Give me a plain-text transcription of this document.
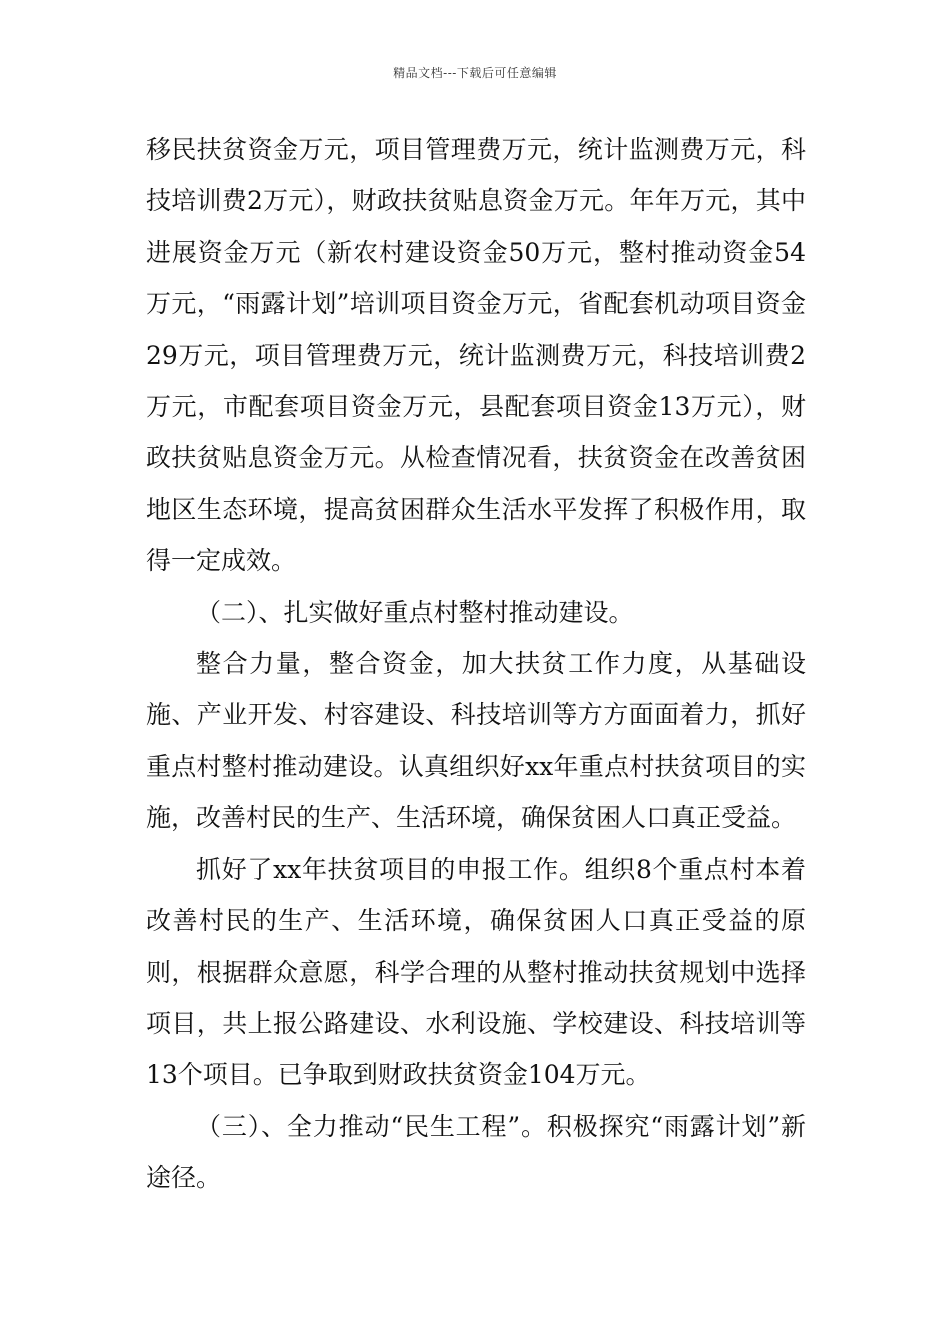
精品文档---下载后可任意编辑

移民扶贫资金万元，项目管理费万元，统计监测费万元，科技培训费2万元），财政扶贫贴息资金万元。年年万元，其中进展资金万元（新农村建设资金50万元，整村推动资金54万元，“雨露计划”培训项目资金万元，省配套机动项目资金29万元，项目管理费万元，统计监测费万元，科技培训费2万元，市配套项目资金万元，县配套项目资金13万元），财政扶贫贴息资金万元。从检查情况看，扶贫资金在改善贫困地区生态环境，提高贫困群众生活水平发挥了积极作用，取得一定成效。

（二）、扎实做好重点村整村推动建设。

整合力量，整合资金，加大扶贫工作力度，从基础设施、产业开发、村容建设、科技培训等方方面面着力，抓好重点村整村推动建设。认真组织好xx年重点村扶贫项目的实施，改善村民的生产、生活环境，确保贫困人口真正受益。

抓好了xx年扶贫项目的申报工作。组织8个重点村本着改善村民的生产、生活环境，确保贫困人口真正受益的原则，根据群众意愿，科学合理的从整村推动扶贫规划中选择项目，共上报公路建设、水利设施、学校建设、科技培训等13个项目。已争取到财政扶贫资金104万元。

（三）、全力推动“民生工程”。积极探究“雨露计划”新途径。
